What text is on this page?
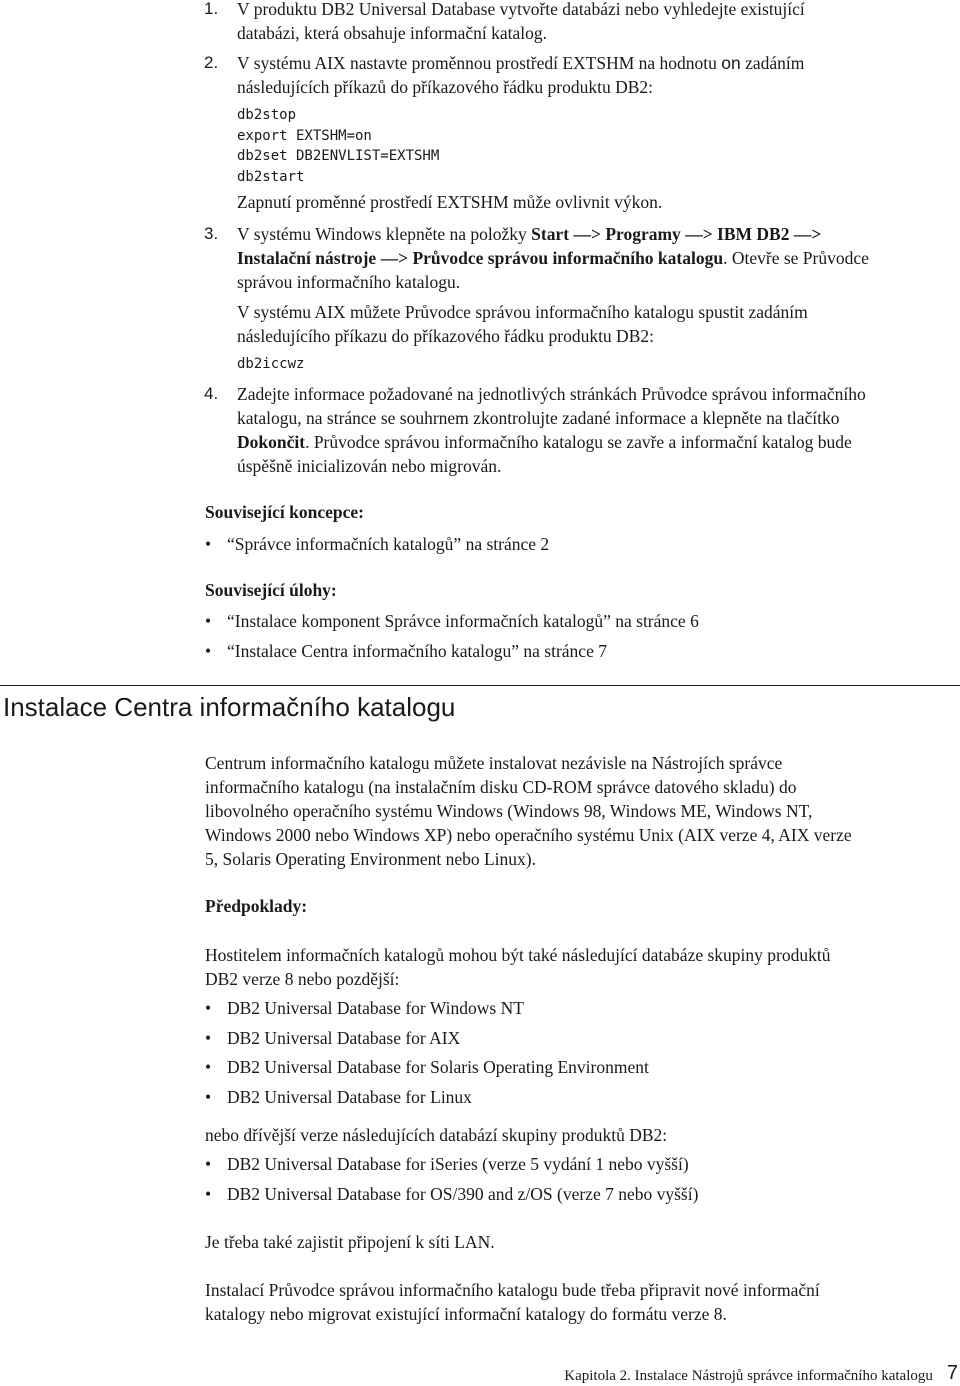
1. V produktu DB2 Universal Database vytvořte databázi nebo vyhledejte existující

databázi, která obsahuje informační katalog.

2. V systému AIX nastavte proměnnou prostředí EXTSHM na hodnotu on zadáním

následujících příkazů do příkazového řádku produktu DB2:

db2stop
export EXTSHM=on
db2set DB2ENVLIST=EXTSHM
db2start

Zapnutí proměnné prostředí EXTSHM může ovlivnit výkon.

3. V systému Windows klepněte na položky Start —> Programy —> IBM DB2 —>

Instalační nástroje —> Průvodce správou informačního katalogu. Otevře se Průvodce

správou informačního katalogu.

V systému AIX můžete Průvodce správou informačního katalogu spustit zadáním

následujícího příkazu do příkazového řádku produktu DB2:

db2iccwz
4. Zadejte informace požadované na jednotlivých stránkách Průvodce správou informačního

katalogu, na stránce se souhrnem zkontrolujte zadané informace a klepněte na tlačítko

Dokončit. Průvodce správou informačního katalogu se zavře a informační katalog bude

úspěšně inicializován nebo migrován.

Související koncepce:
• “Správce informačních katalogů” na stránce 2
Související úlohy:
• “Instalace komponent Správce informačních katalogů” na stránce 6
• “Instalace Centra informačního katalogu” na stránce 7
Instalace Centra informačního katalogu
Centrum informačního katalogu můžete instalovat nezávisle na Nástrojích správce
informačního katalogu (na instalačním disku CD-ROM správce datového skladu) do
libovolného operačního systému Windows (Windows 98, Windows ME, Windows NT,
Windows 2000 nebo Windows XP) nebo operačního systému Unix (AIX verze 4, AIX verze
5, Solaris Operating Environment nebo Linux).
Předpoklady:
Hostitelem informačních katalogů mohou být také následující databáze skupiny produktů
DB2 verze 8 nebo pozdější:
• DB2 Universal Database for Windows NT
• DB2 Universal Database for AIX
• DB2 Universal Database for Solaris Operating Environment
• DB2 Universal Database for Linux
nebo dřívější verze následujících databází skupiny produktů DB2:
• DB2 Universal Database for iSeries (verze 5 vydání 1 nebo vyšší)
• DB2 Universal Database for OS/390 and z/OS (verze 7 nebo vyšší)
Je třeba také zajistit připojení k síti LAN.
Instalací Průvodce správou informačního katalogu bude třeba připravit nové informační
katalogy nebo migrovat existující informační katalogy do formátu verze 8.
Kapitola 2. Instalace Nástrojů správce informačního katalogu 7
